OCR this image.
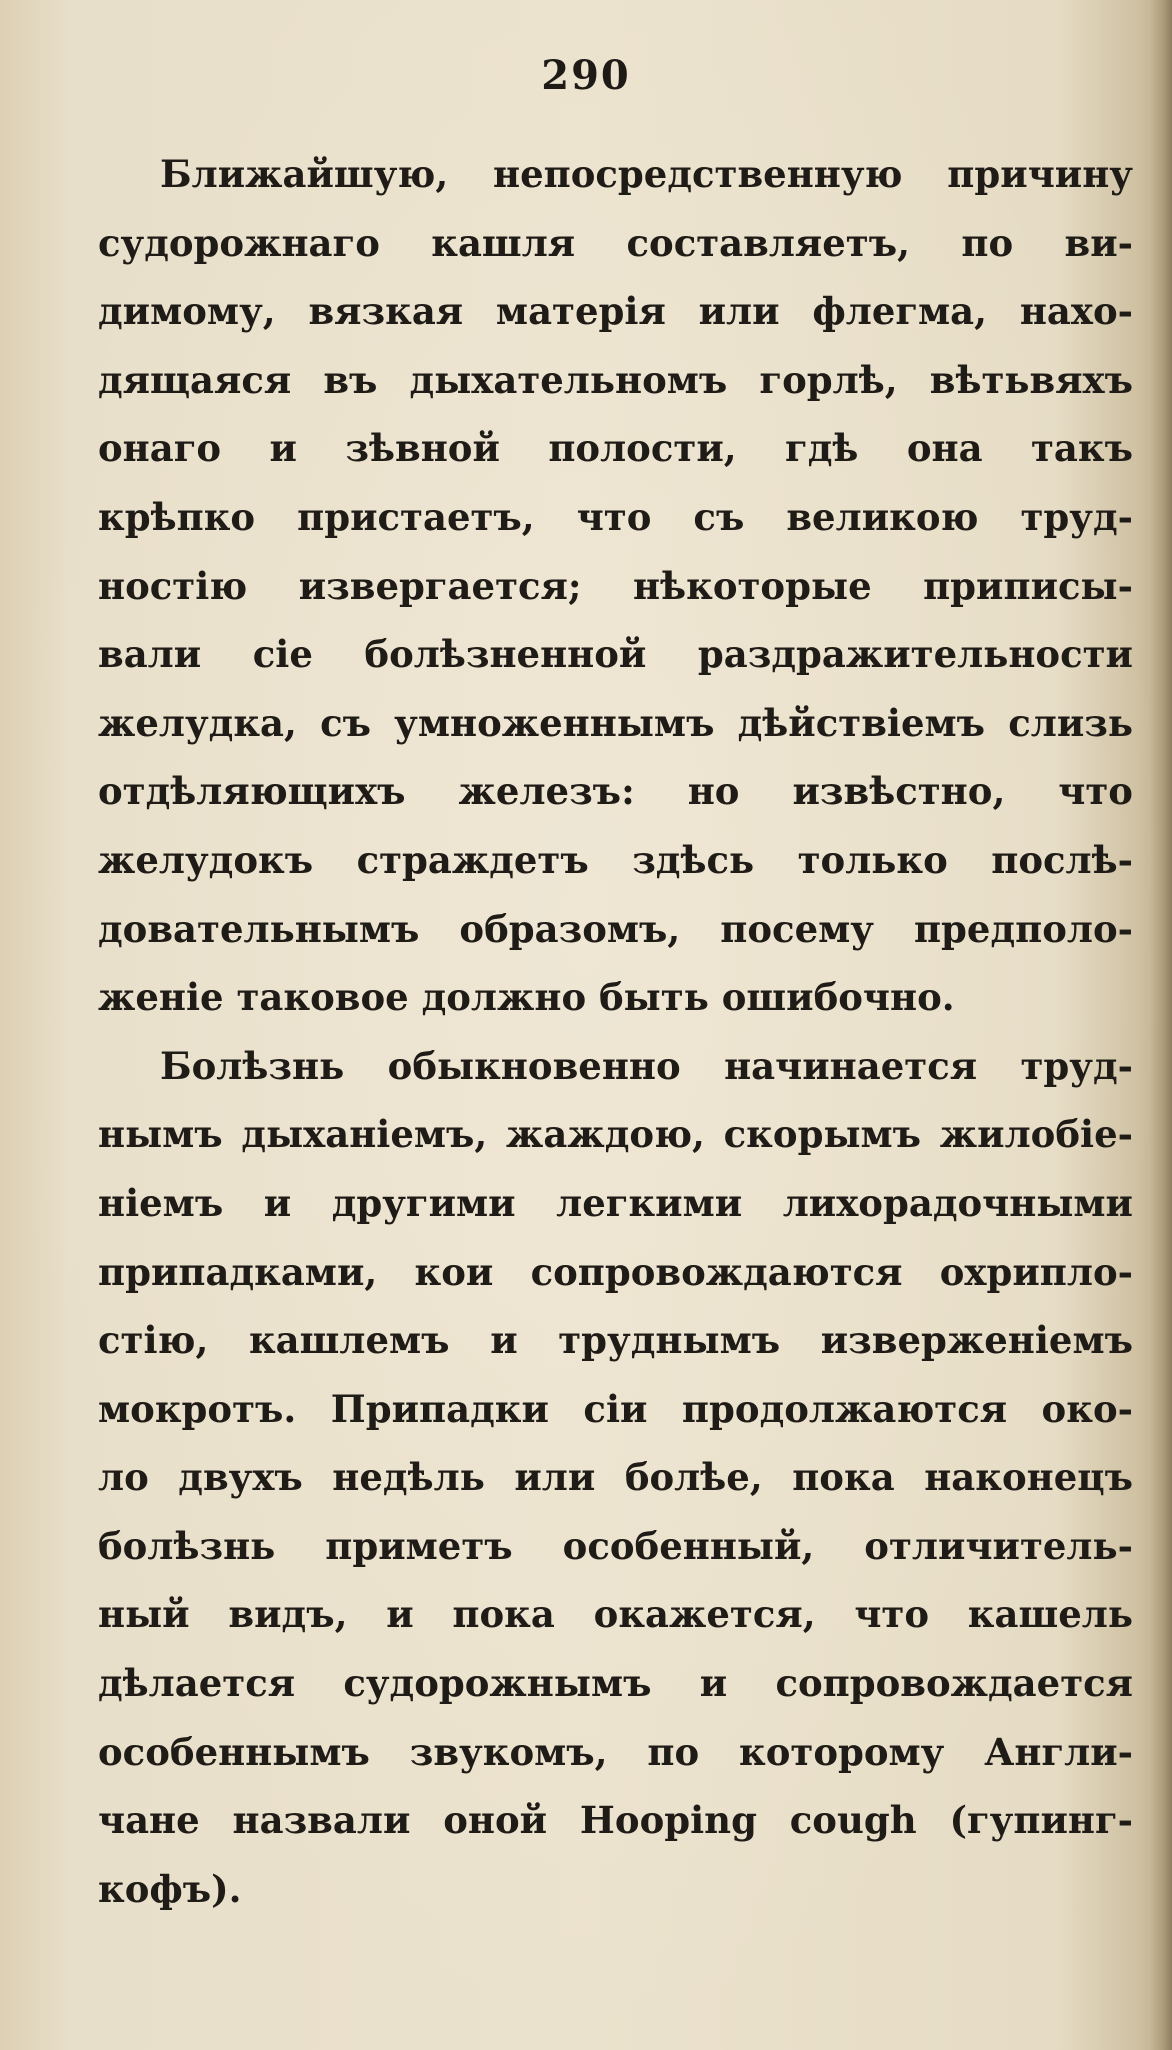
290
Ближайшую, непосредственную причину
судорожнаго кашля составляетъ, по ви-
димому, вязкая матерія или флегма, нахо-
дящаяся въ дыхательномъ горлѣ, вѣтьвяхъ
онаго и зѣвной полости, гдѣ она такъ
крѣпко пристаетъ, что съ великою труд-
ностію извергается; нѣкоторые приписы-
вали сіе болѣзненной раздражительности
желудка, съ умноженнымъ дѣйствіемъ слизь
отдѣляющихъ железъ: но извѣстно, что
желудокъ страждетъ здѣсь только послѣ-
довательнымъ образомъ, посему предполо-
женіе таковое должно быть ошибочно.
Болѣзнь обыкновенно начинается труд-
нымъ дыханіемъ, жаждою, скорымъ жилобіе-
ніемъ и другими легкими лихорадочными
припадками, кои сопровождаются охрипло-
стію, кашлемъ и труднымъ изверженіемъ
мокротъ. Припадки сіи продолжаются око-
ло двухъ недѣль или болѣе, пока наконецъ
болѣзнь приметъ особенный, отличитель-
ный видъ, и пока окажется, что кашель
дѣлается судорожнымъ и сопровождается
особеннымъ звукомъ, по которому Англи-
чане назвали оной Hooping cough (гупинг-
кофъ).
